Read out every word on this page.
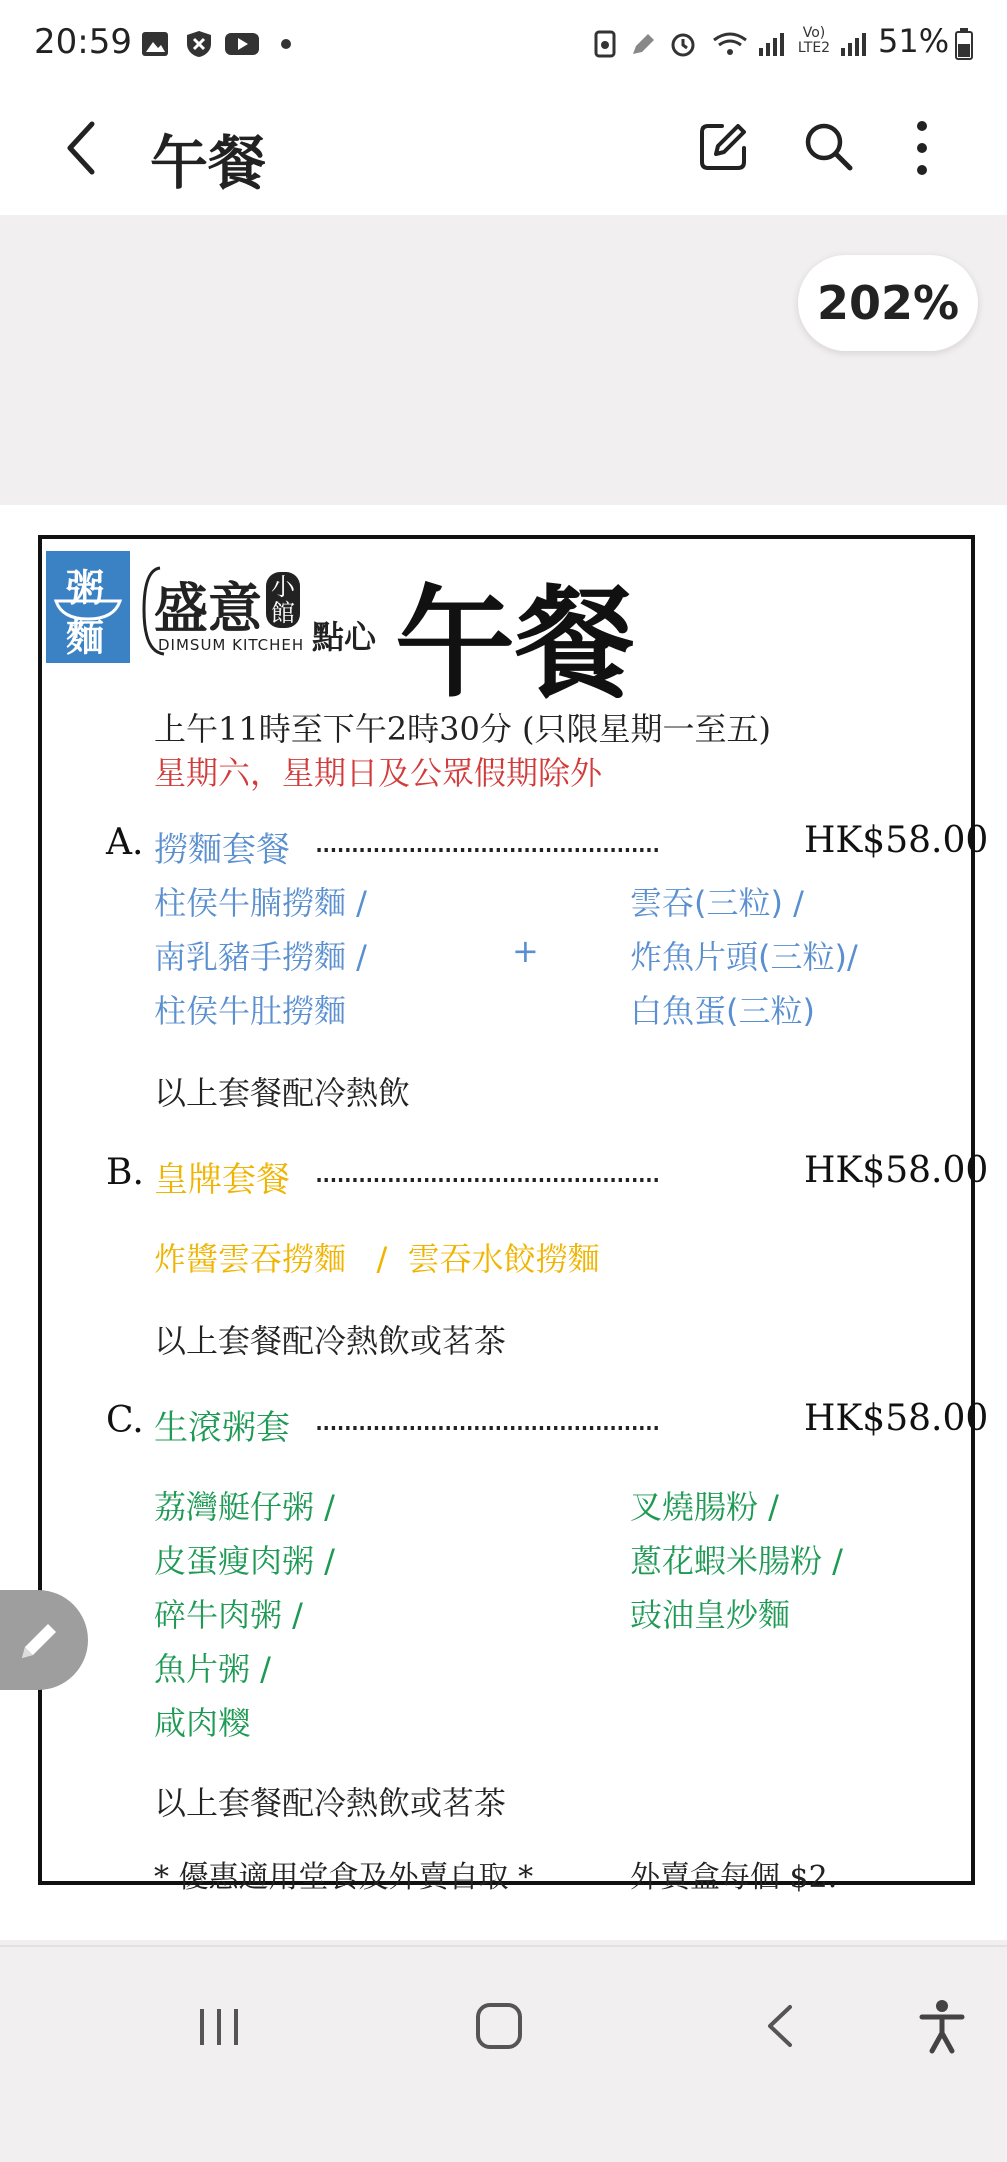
20:59	Vo) LTE2 51%
午餐
202%
粥
麵 盛意 小館
DIMSUM KITCHEH 點心 午餐
上午11時至下午2時30分 (只限星期一至五)
星期六，星期日及公眾假期除外
A. 撈麵套餐 ................................................	HK$58.00
柱侯牛腩撈麵 /
南乳豬手撈麵 /
柱侯牛肚撈麵
+
雲吞(三粒) /
炸魚片頭(三粒)/
白魚蛋(三粒)
以上套餐配冷熱飲
B. 皇牌套餐 ................................................	HK$58.00
炸醬雲吞撈麵   /  雲吞水餃撈麵
以上套餐配冷熱飲或茗茶
C. 生滾粥套 ................................................	HK$58.00
荔灣艇仔粥 /
皮蛋瘦肉粥 /
碎牛肉粥 /
魚片粥 /
咸肉糭
叉燒腸粉 /
蔥花蝦米腸粉 /
豉油皇炒麵
以上套餐配冷熱飲或茗茶
* 優惠適用堂食及外賣自取 *	外賣盒每個 $2.
